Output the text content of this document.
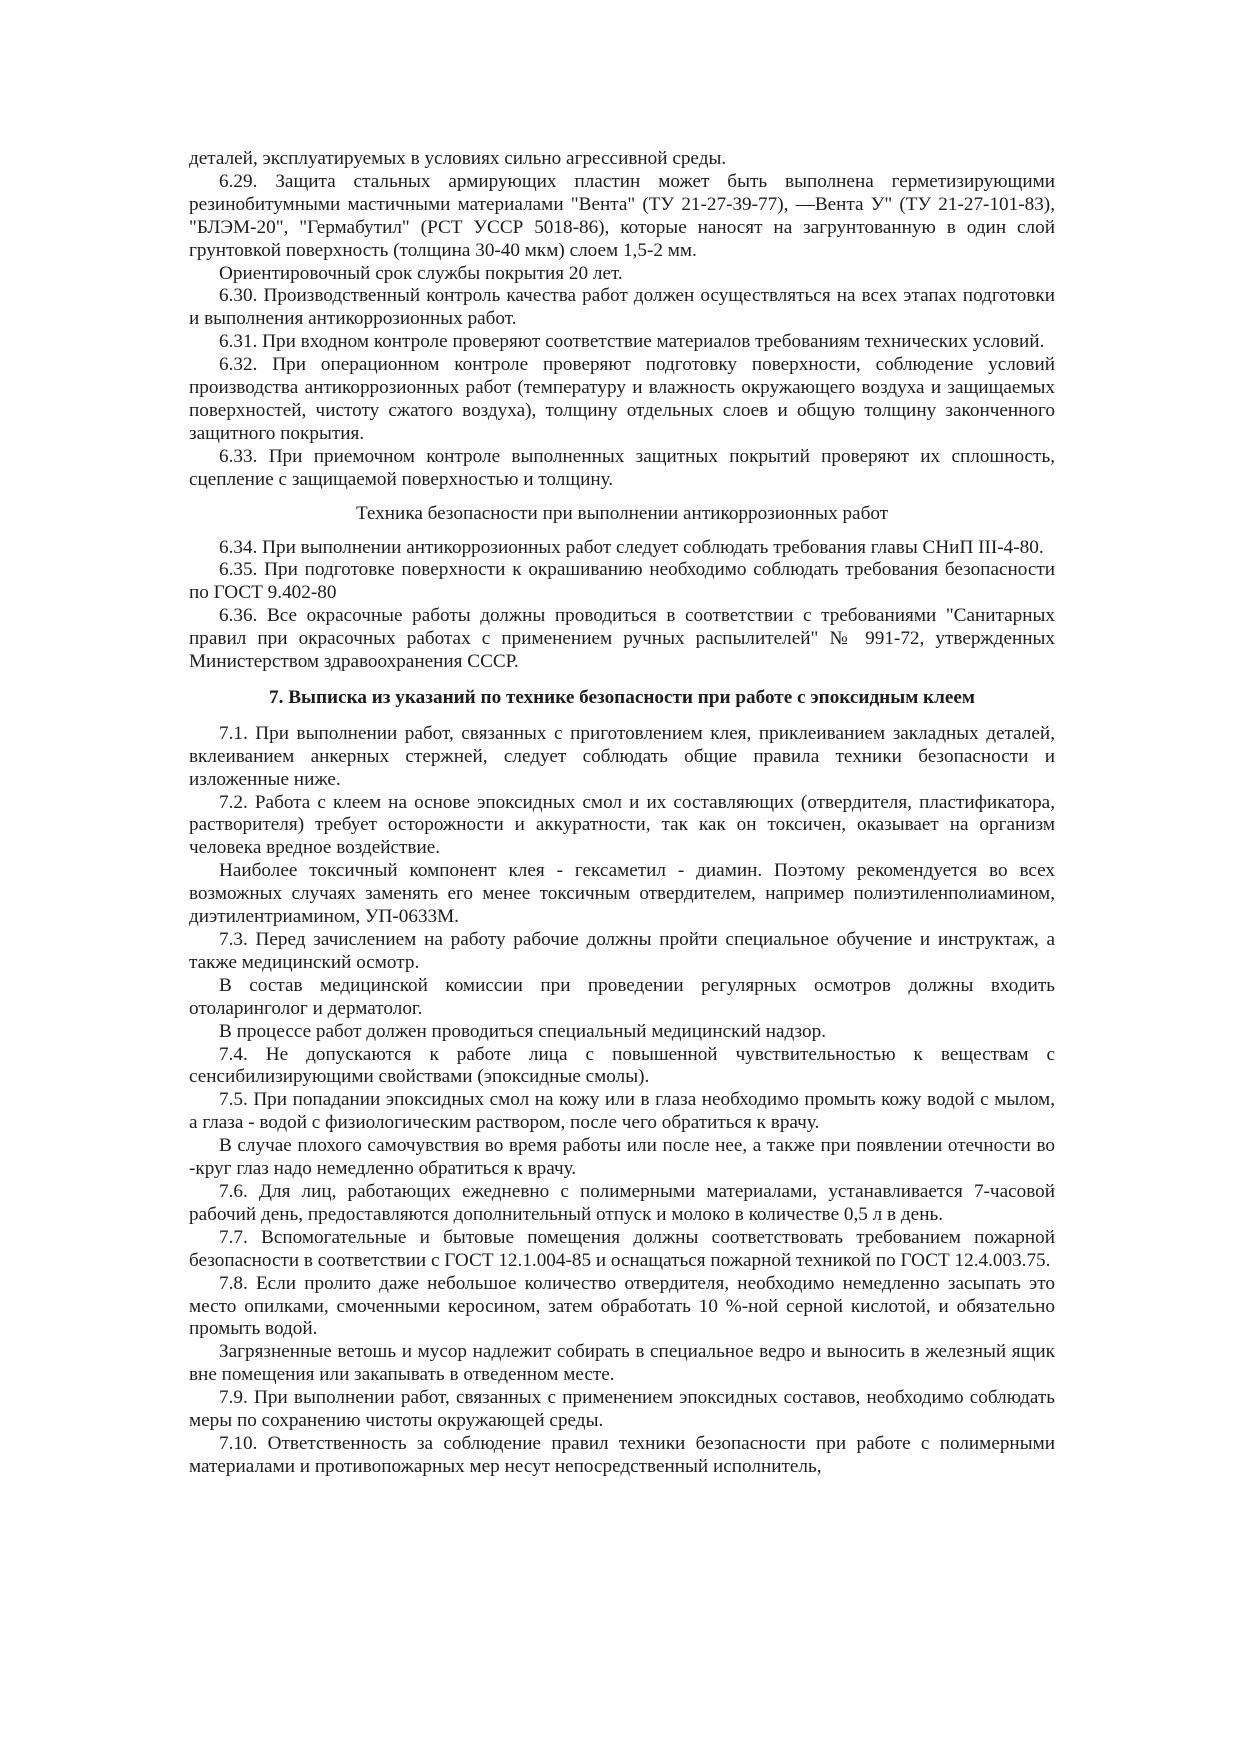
деталей, эксплуатируемых в условиях сильно агрессивной среды.

6.29. Защита стальных армирующих пластин может быть выполнена герметизирующими резинобитумными мастичными материалами "Вента" (ТУ 21-27-39-77), ―Вента У" (ТУ 21-27-101-83), "БЛЭМ-20", "Гермабутил" (РСТ УССР 5018-86), которые наносят на загрунтованную в один слой грунтовкой поверхность (толщина 30-40 мкм) слоем 1,5-2 мм.

Ориентировочный срок службы покрытия 20 лет.

6.30. Производственный контроль качества работ должен осуществляться на всех этапах подготовки и выполнения антикоррозионных работ.

6.31. При входном контроле проверяют соответствие материалов требованиям технических условий.

6.32. При операционном контроле проверяют подготовку поверхности, соблюдение условий производства антикоррозионных работ (температуру и влажность окружающего воздуха и защищаемых поверхностей, чистоту сжатого воздуха), толщину отдельных слоев и общую толщину законченного защитного покрытия.

6.33. При приемочном контроле выполненных защитных покрытий проверяют их сплошность, сцепление с защищаемой поверхностью и толщину.

Техника безопасности при выполнении антикоррозионных работ

6.34. При выполнении антикоррозионных работ следует соблюдать требования главы СНиП III-4-80.

6.35. При подготовке поверхности к окрашиванию необходимо соблюдать требования безопасности по ГОСТ 9.402-80

6.36. Все окрасочные работы должны проводиться в соответствии с требованиями "Санитарных правил при окрасочных работах с применением ручных распылителей" № 991-72, утвержденных Министерством здравоохранения СССР.

7. Выписка из указаний по технике безопасности при работе с эпоксидным клеем

7.1. При выполнении работ, связанных с приготовлением клея, приклеиванием закладных деталей, вклеиванием анкерных стержней, следует соблюдать общие правила техники безопасности и изложенные ниже.

7.2. Работа с клеем на основе эпоксидных смол и их составляющих (отвердителя, пластификатора, растворителя) требует осторожности и аккуратности, так как он токсичен, оказывает на организм человека вредное воздействие.

Наиболее токсичный компонент клея - гексаметил - диамин. Поэтому рекомендуется во всех возможных случаях заменять его менее токсичным отвердителем, например полиэтиленполиамином, диэтилентриамином, УП-0633М.

7.3. Перед зачислением на работу рабочие должны пройти специальное обучение и инструктаж, а также медицинский осмотр.

В состав медицинской комиссии при проведении регулярных осмотров должны входить отоларинголог и дерматолог.

В процессе работ должен проводиться специальный медицинский надзор.

7.4. Не допускаются к работе лица с повышенной чувствительностью к веществам с сенсибилизирующими свойствами (эпоксидные смолы).

7.5. При попадании эпоксидных смол на кожу или в глаза необходимо промыть кожу водой с мылом, а глаза - водой с физиологическим раствором, после чего обратиться к врачу.

В случае плохого самочувствия во время работы или после нее, а также при появлении отечности во -круг глаз надо немедленно обратиться к врачу.

7.6. Для лиц, работающих ежедневно с полимерными материалами, устанавливается 7-часовой рабочий день, предоставляются дополнительный отпуск и молоко в количестве 0,5 л в день.

7.7. Вспомогательные и бытовые помещения должны соответствовать требованием пожарной безопасности в соответствии с ГОСТ 12.1.004-85 и оснащаться пожарной техникой по ГОСТ 12.4.003.75.

7.8. Если пролито даже небольшое количество отвердителя, необходимо немедленно засыпать это место опилками, смоченными керосином, затем обработать 10 %-ной серной кислотой, и обязательно промыть водой.

Загрязненные ветошь и мусор надлежит собирать в специальное ведро и выносить в железный ящик вне помещения или закапывать в отведенном месте.

7.9. При выполнении работ, связанных с применением эпоксидных составов, необходимо соблюдать меры по сохранению чистоты окружающей среды.

7.10. Ответственность за соблюдение правил техники безопасности при работе с полимерными материалами и противопожарных мер несут непосредственный исполнитель,
